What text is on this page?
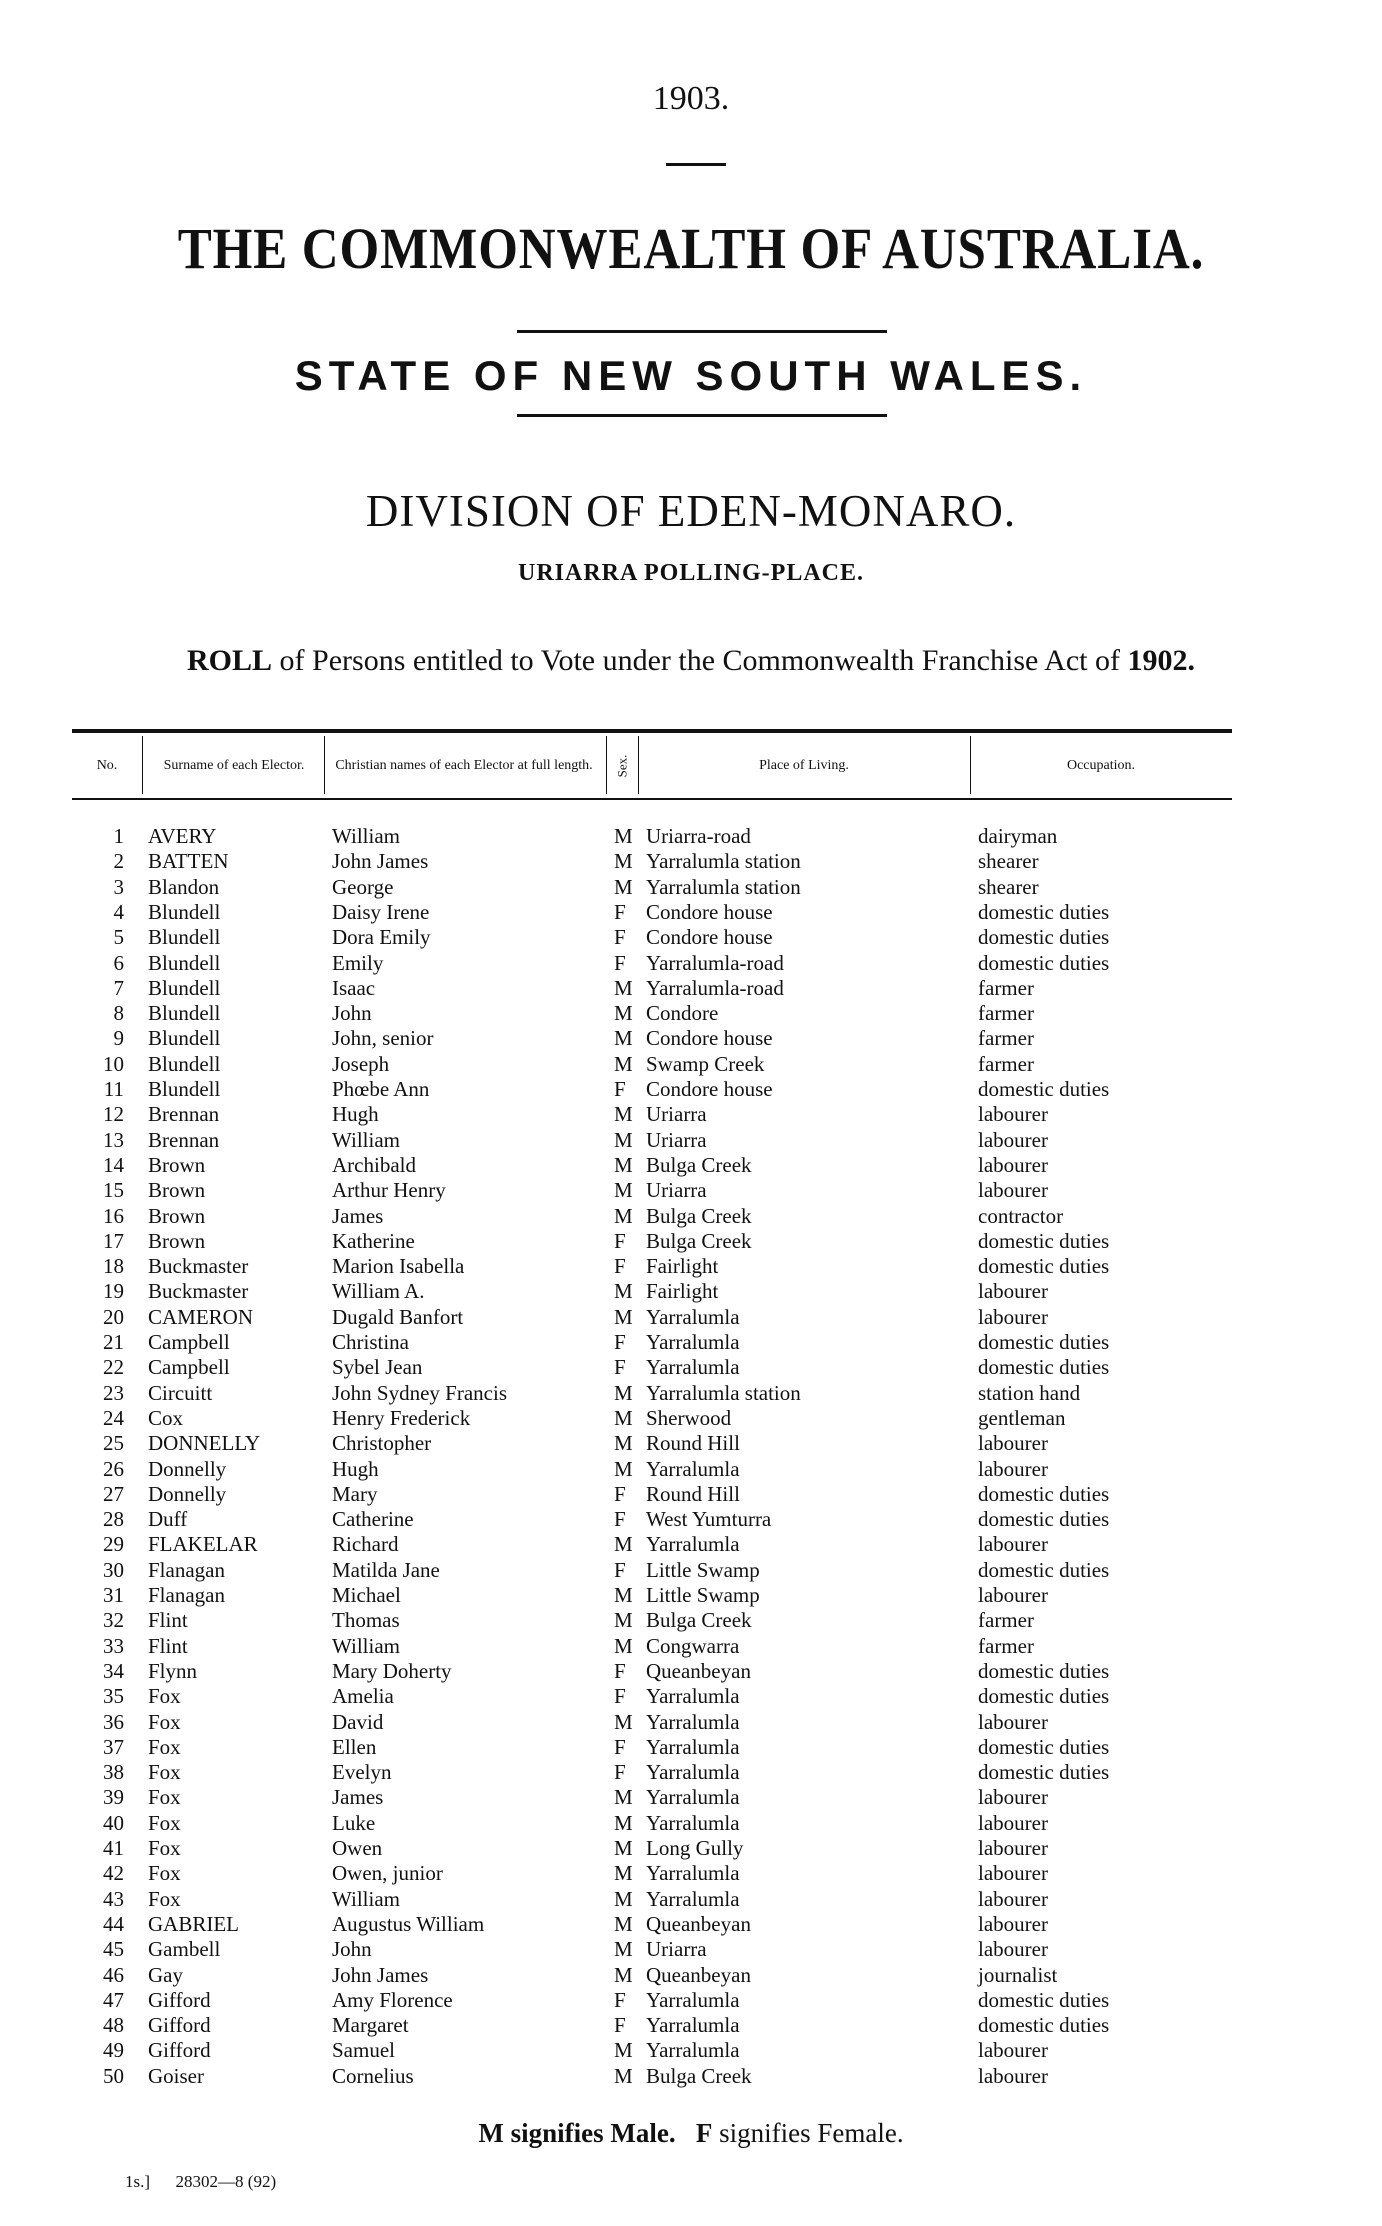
1903.
THE COMMONWEALTH OF AUSTRALIA.
STATE OF NEW SOUTH WALES.
DIVISION OF EDEN-MONARO.
URIARRA POLLING-PLACE.
ROLL of Persons entitled to Vote under the Commonwealth Franchise Act of 1902.
No.	Surname of each Elector.	Christian names of each Elector at full length.	Sex.	Place of Living.	Occupation.
1 AVERY	William	M Uriarra-road	dairyman
2 BATTEN	John James	M Yarralumla station	shearer
3 Blandon	George	M Yarralumla station	shearer
4 Blundell	Daisy Irene	F Condore house	domestic duties
5 Blundell	Dora Emily	F Condore house	domestic duties
6 Blundell	Emily	F Yarralumla-road	domestic duties
7 Blundell	Isaac	M Yarralumla-road	farmer
8 Blundell	John	M Condore	farmer
9 Blundell	John, senior	M Condore house	farmer
10 Blundell	Joseph	M Swamp Creek	farmer
11 Blundell	Phœbe Ann	F Condore house	domestic duties
12 Brennan	Hugh	M Uriarra	labourer
13 Brennan	William	M Uriarra	labourer
14 Brown	Archibald	M Bulga Creek	labourer
15 Brown	Arthur Henry	M Uriarra	labourer
16 Brown	James	M Bulga Creek	contractor
17 Brown	Katherine	F Bulga Creek	domestic duties
18 Buckmaster	Marion Isabella	F Fairlight	domestic duties
19 Buckmaster	William A.	M Fairlight	labourer
20 CAMERON	Dugald Banfort	M Yarralumla	labourer
21 Campbell	Christina	F Yarralumla	domestic duties
22 Campbell	Sybel Jean	F Yarralumla	domestic duties
23 Circuitt	John Sydney Francis	M Yarralumla station	station hand
24 Cox	Henry Frederick	M Sherwood	gentleman
25 DONNELLY	Christopher	M Round Hill	labourer
26 Donnelly	Hugh	M Yarralumla	labourer
27 Donnelly	Mary	F Round Hill	domestic duties
28 Duff	Catherine	F West Yumturra	domestic duties
29 FLAKELAR	Richard	M Yarralumla	labourer
30 Flanagan	Matilda Jane	F Little Swamp	domestic duties
31 Flanagan	Michael	M Little Swamp	labourer
32 Flint	Thomas	M Bulga Creek	farmer
33 Flint	William	M Congwarra	farmer
34 Flynn	Mary Doherty	F Queanbeyan	domestic duties
35 Fox	Amelia	F Yarralumla	domestic duties
36 Fox	David	M Yarralumla	labourer
37 Fox	Ellen	F Yarralumla	domestic duties
38 Fox	Evelyn	F Yarralumla	domestic duties
39 Fox	James	M Yarralumla	labourer
40 Fox	Luke	M Yarralumla	labourer
41 Fox	Owen	M Long Gully	labourer
42 Fox	Owen, junior	M Yarralumla	labourer
43 Fox	William	M Yarralumla	labourer
44 GABRIEL	Augustus William	M Queanbeyan	labourer
45 Gambell	John	M Uriarra	labourer
46 Gay	John James	M Queanbeyan	journalist
47 Gifford	Amy Florence	F Yarralumla	domestic duties
48 Gifford	Margaret	F Yarralumla	domestic duties
49 Gifford	Samuel	M Yarralumla	labourer
50 Goiser	Cornelius	M Bulga Creek	labourer
M signifies Male. F signifies Female.
1s.] 28302—8 (92)
